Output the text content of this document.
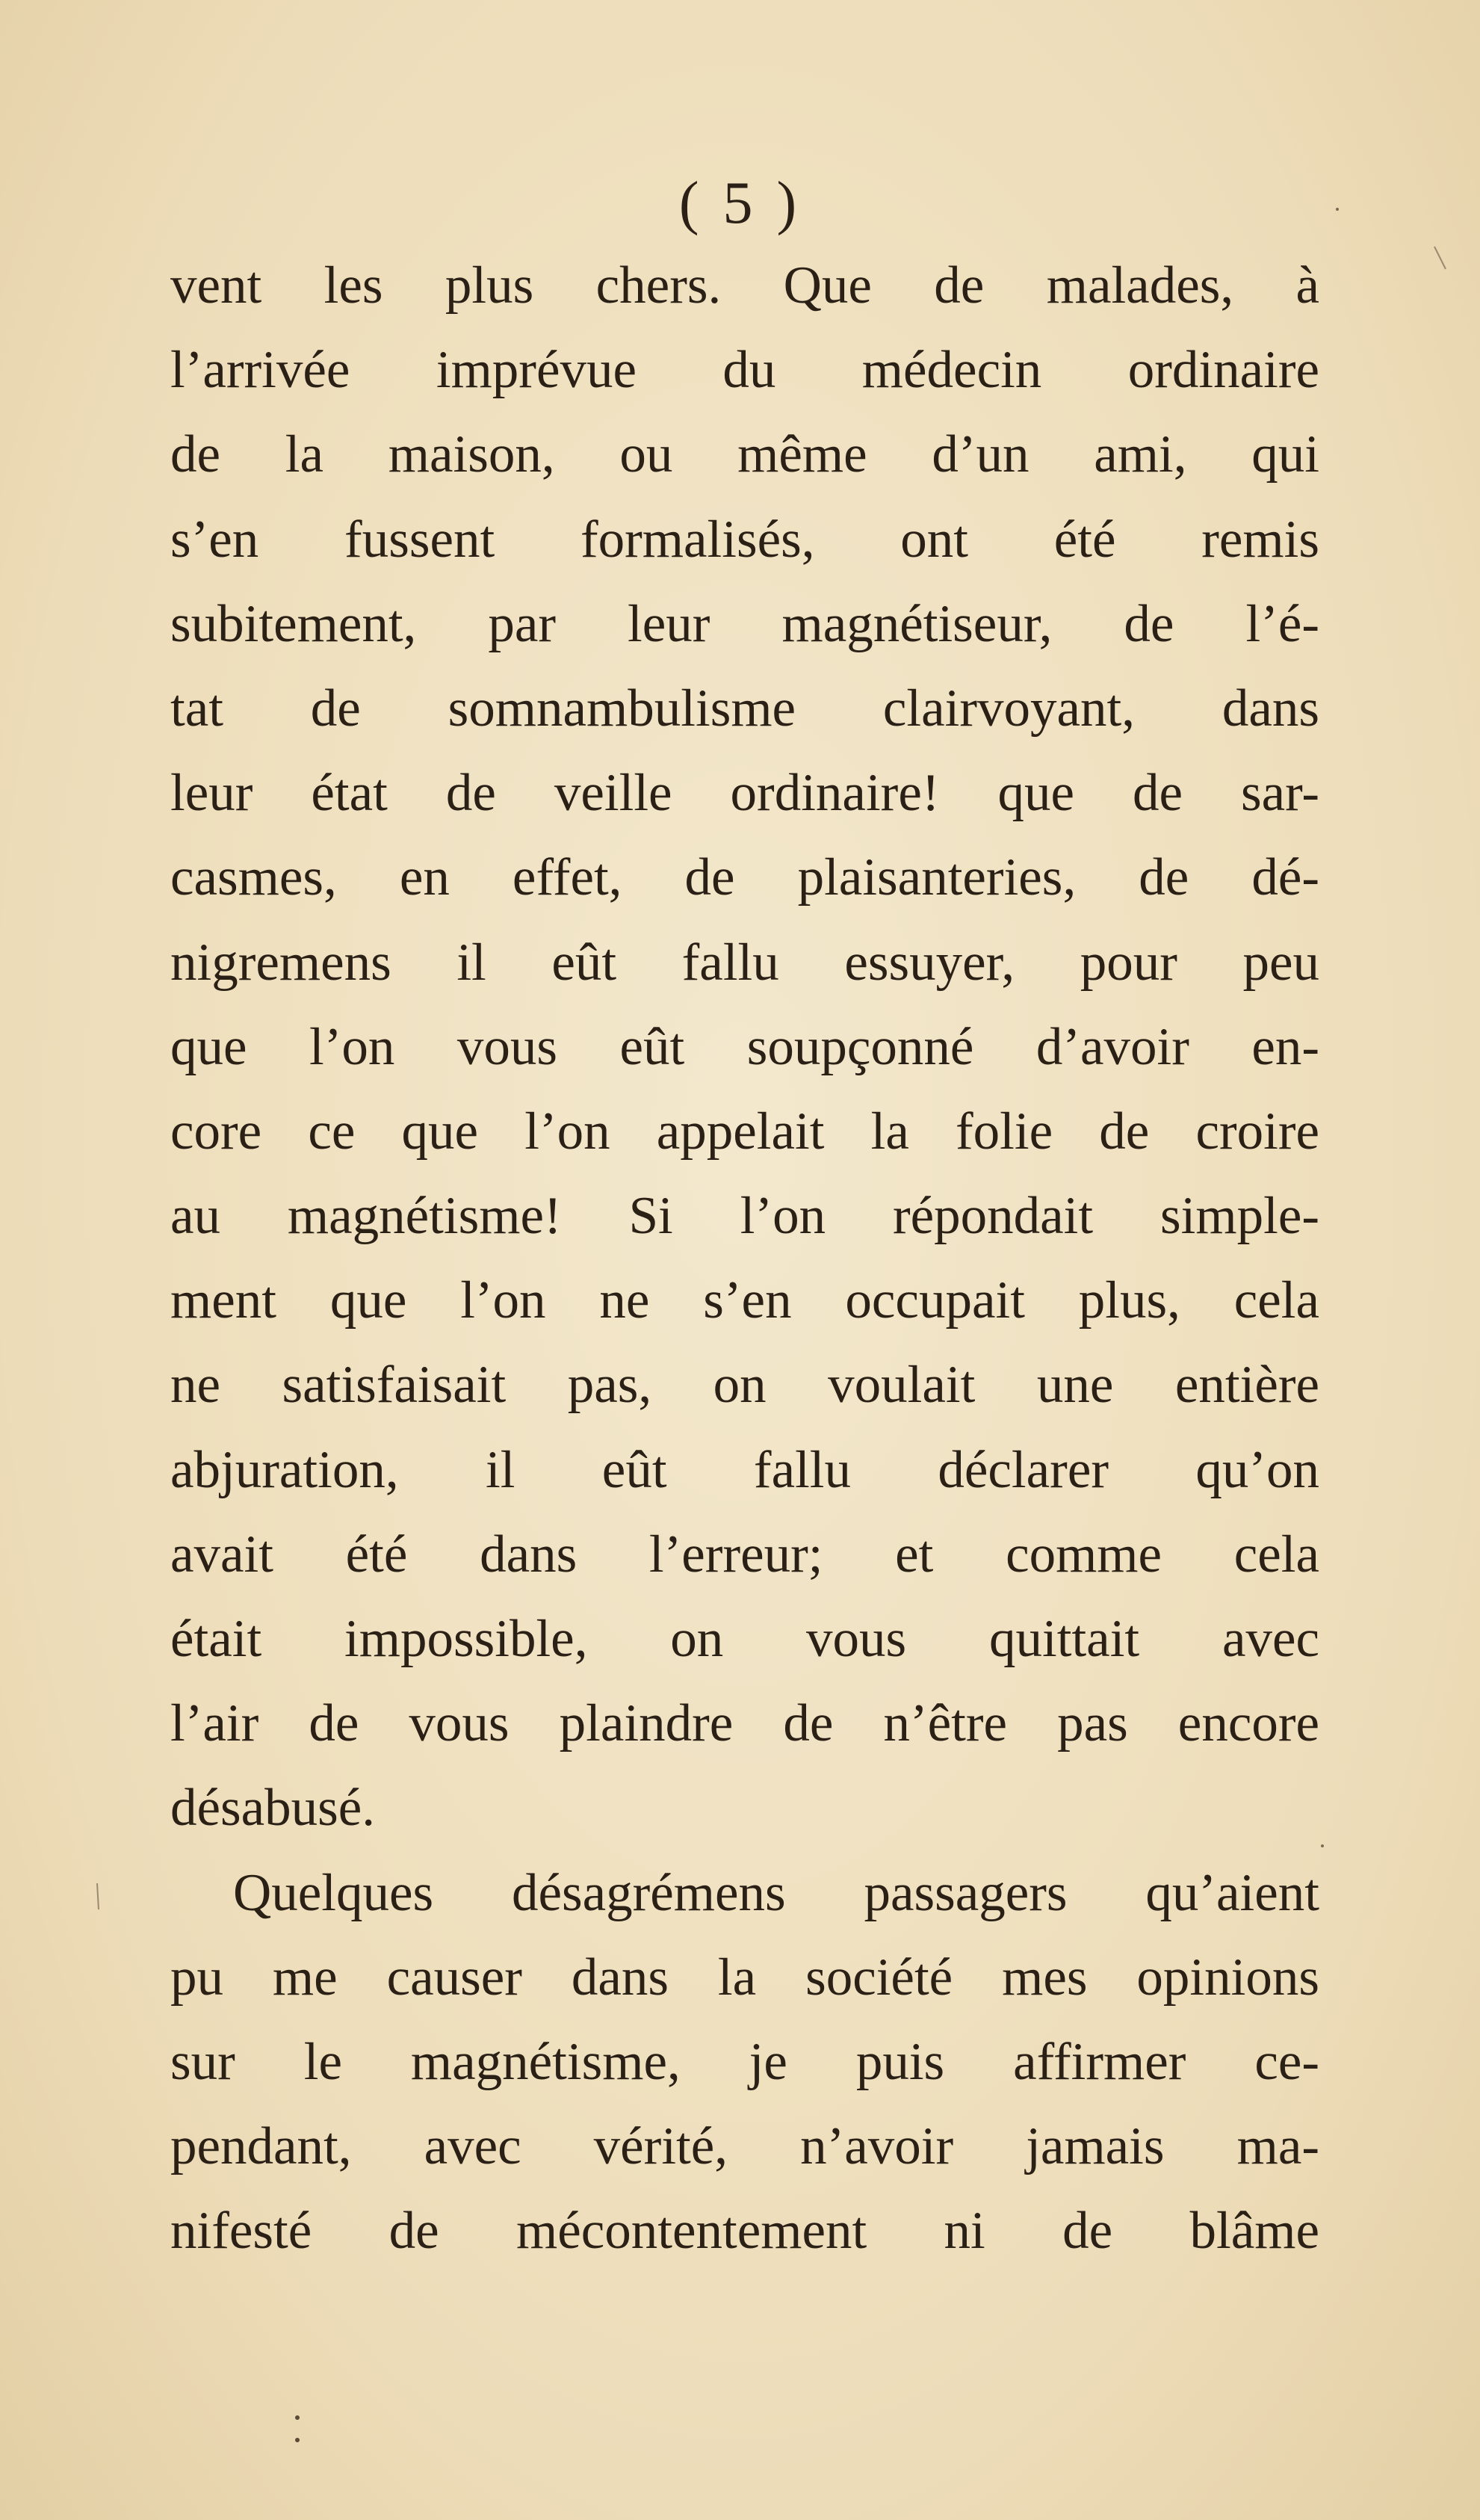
( 5 )
vent les plus chers. Que de malades, à
l’arrivée imprévue du médecin ordinaire
de la maison, ou même d’un ami, qui
s’en fussent formalisés, ont été remis
subitement, par leur magnétiseur, de l’é-
tat de somnambulisme clairvoyant, dans
leur état de veille ordinaire! que de sar-
casmes, en effet, de plaisanteries, de dé-
nigremens il eût fallu essuyer, pour peu
que l’on vous eût soupçonné d’avoir en-
core ce que l’on appelait la folie de croire
au magnétisme! Si l’on répondait simple-
ment que l’on ne s’en occupait plus, cela
ne satisfaisait pas, on voulait une entière
abjuration, il eût fallu déclarer qu’on
avait été dans l’erreur; et comme cela
était impossible, on vous quittait avec
l’air de vous plaindre de n’être pas encore
désabusé.
Quelques désagrémens passagers qu’aient
pu me causer dans la société mes opinions
sur le magnétisme, je puis affirmer ce-
pendant, avec vérité, n’avoir jamais ma-
nifesté de mécontentement ni de blâme
